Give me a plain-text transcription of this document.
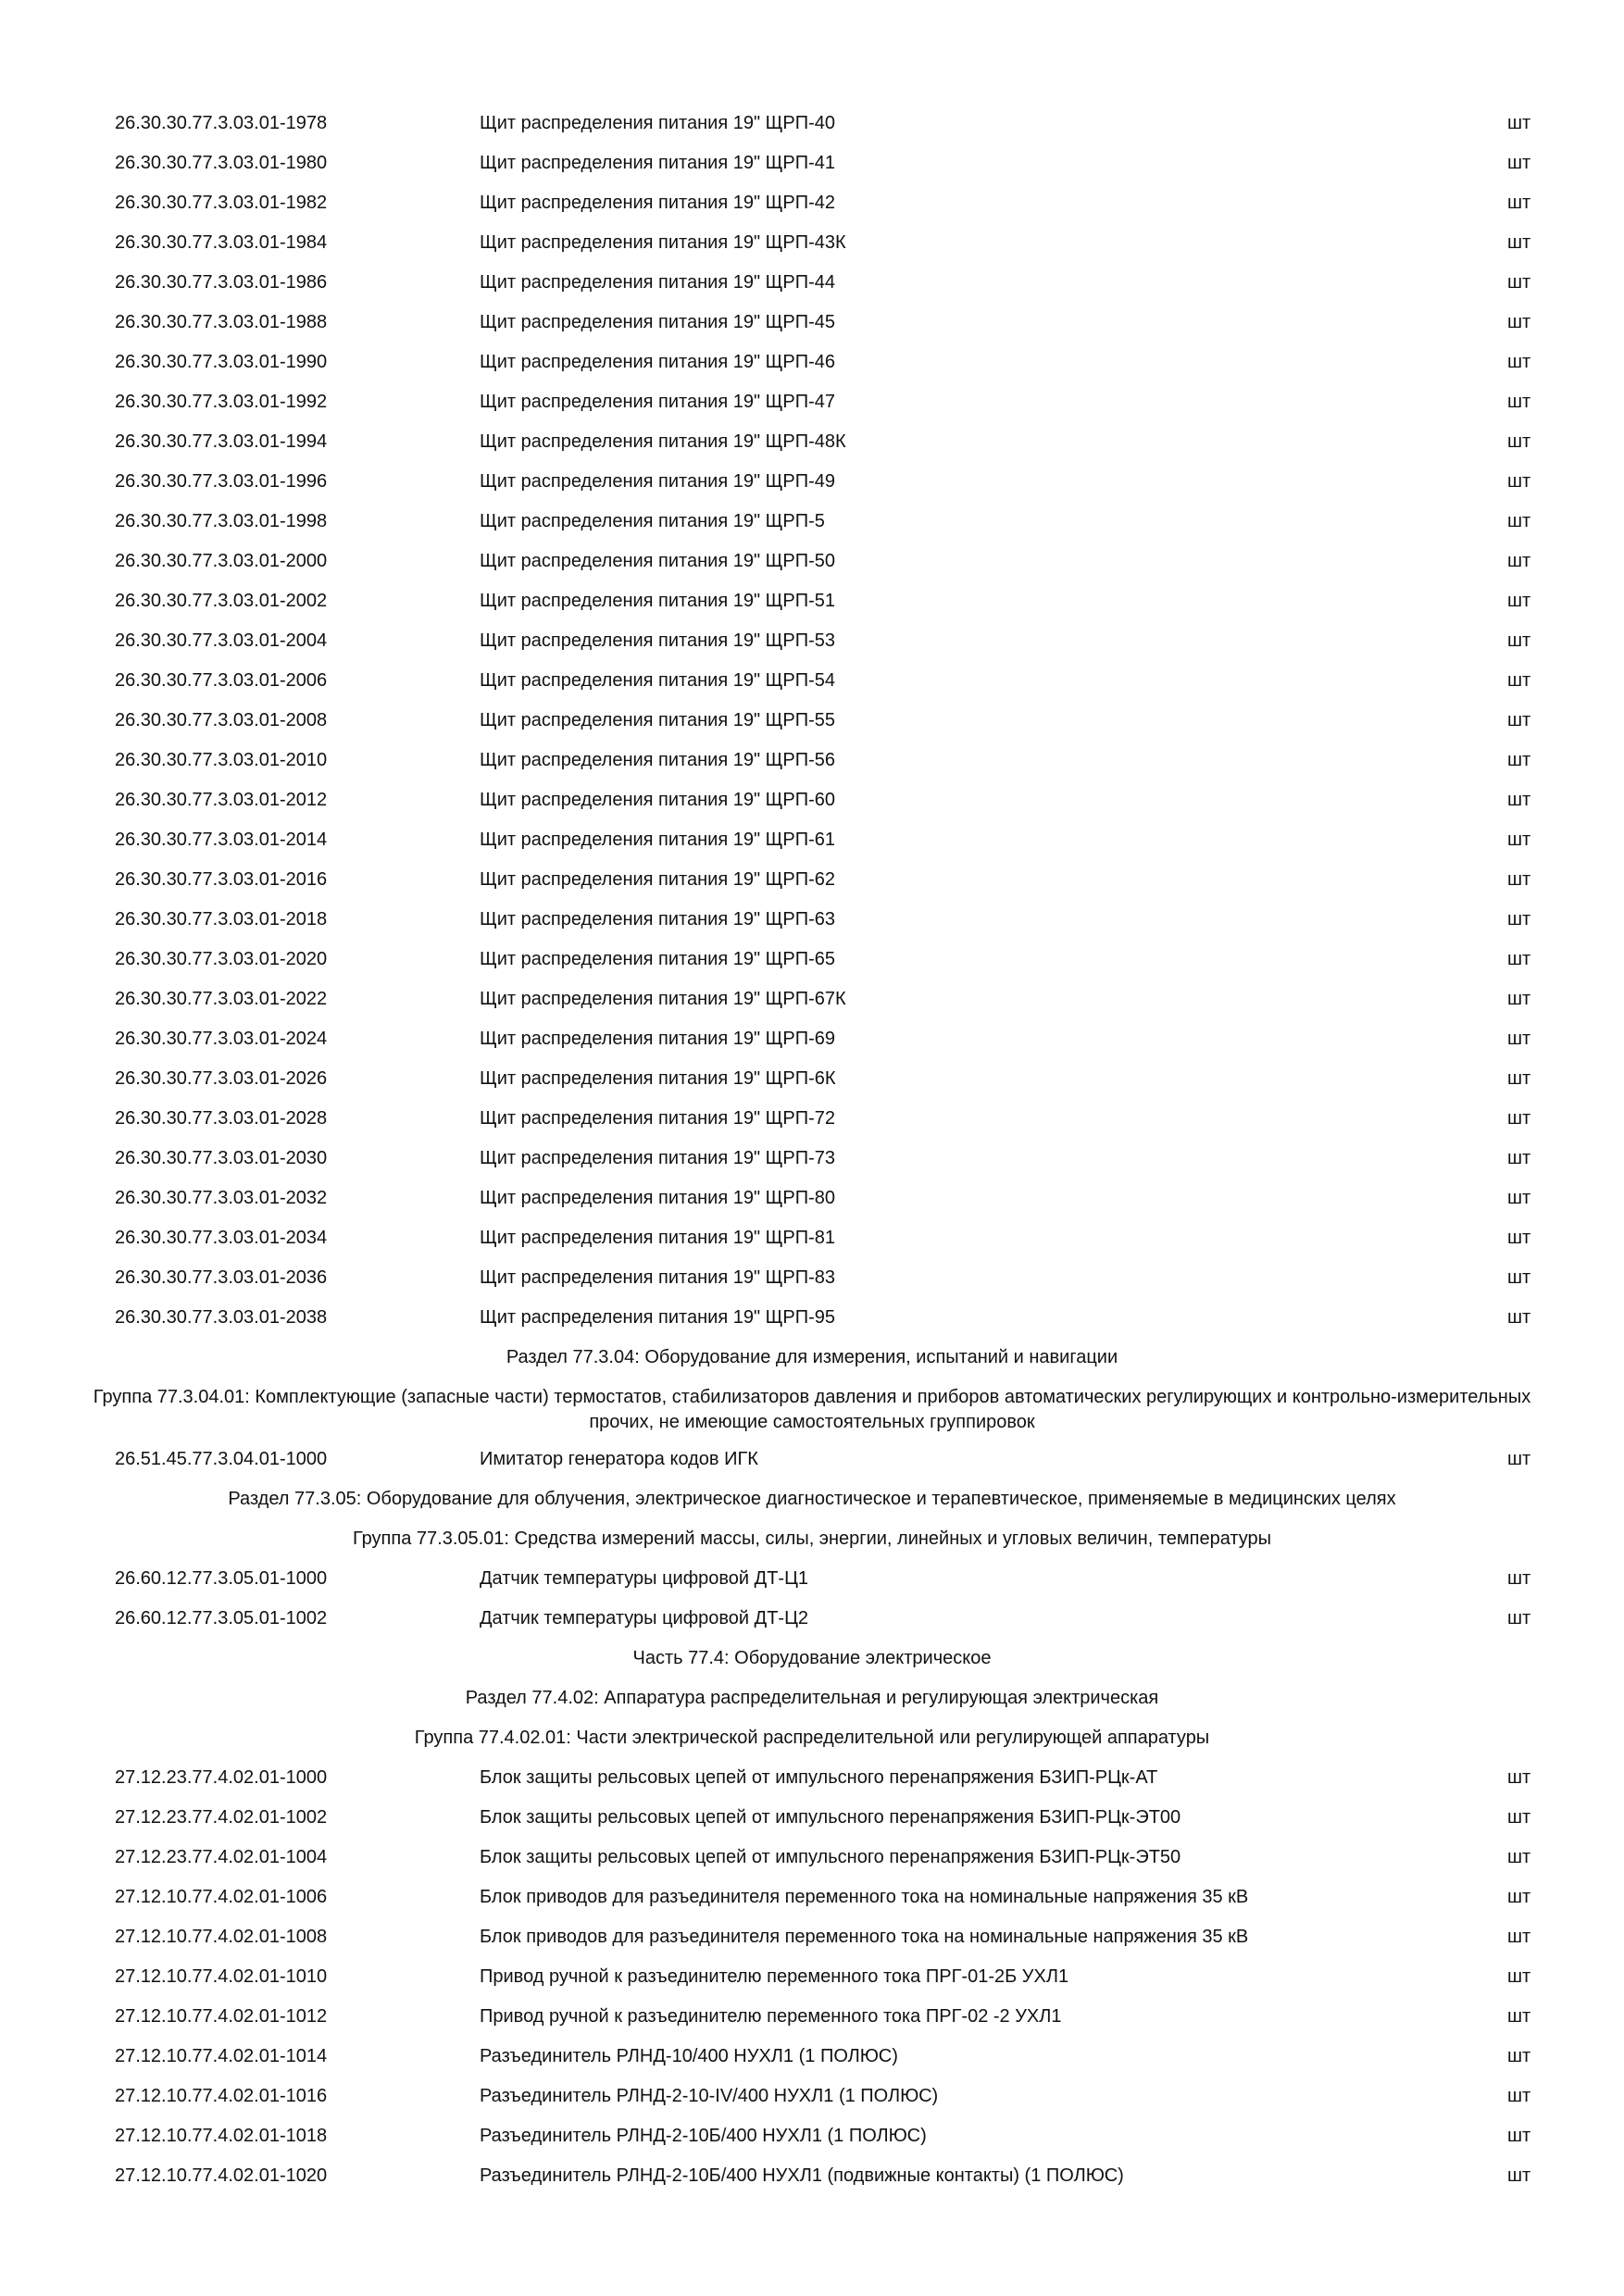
26.30.30.77.3.03.01-1978	Щит распределения питания 19" ЩРП-40	шт
26.30.30.77.3.03.01-1980	Щит распределения питания 19" ЩРП-41	шт
26.30.30.77.3.03.01-1982	Щит распределения питания 19" ЩРП-42	шт
26.30.30.77.3.03.01-1984	Щит распределения питания 19" ЩРП-43К	шт
26.30.30.77.3.03.01-1986	Щит распределения питания 19" ЩРП-44	шт
26.30.30.77.3.03.01-1988	Щит распределения питания 19" ЩРП-45	шт
26.30.30.77.3.03.01-1990	Щит распределения питания 19" ЩРП-46	шт
26.30.30.77.3.03.01-1992	Щит распределения питания 19" ЩРП-47	шт
26.30.30.77.3.03.01-1994	Щит распределения питания 19" ЩРП-48К	шт
26.30.30.77.3.03.01-1996	Щит распределения питания 19" ЩРП-49	шт
26.30.30.77.3.03.01-1998	Щит распределения питания 19" ЩРП-5	шт
26.30.30.77.3.03.01-2000	Щит распределения питания 19" ЩРП-50	шт
26.30.30.77.3.03.01-2002	Щит распределения питания 19" ЩРП-51	шт
26.30.30.77.3.03.01-2004	Щит распределения питания 19" ЩРП-53	шт
26.30.30.77.3.03.01-2006	Щит распределения питания 19" ЩРП-54	шт
26.30.30.77.3.03.01-2008	Щит распределения питания 19" ЩРП-55	шт
26.30.30.77.3.03.01-2010	Щит распределения питания 19" ЩРП-56	шт
26.30.30.77.3.03.01-2012	Щит распределения питания 19" ЩРП-60	шт
26.30.30.77.3.03.01-2014	Щит распределения питания 19" ЩРП-61	шт
26.30.30.77.3.03.01-2016	Щит распределения питания 19" ЩРП-62	шт
26.30.30.77.3.03.01-2018	Щит распределения питания 19" ЩРП-63	шт
26.30.30.77.3.03.01-2020	Щит распределения питания 19" ЩРП-65	шт
26.30.30.77.3.03.01-2022	Щит распределения питания 19" ЩРП-67К	шт
26.30.30.77.3.03.01-2024	Щит распределения питания 19" ЩРП-69	шт
26.30.30.77.3.03.01-2026	Щит распределения питания 19" ЩРП-6К	шт
26.30.30.77.3.03.01-2028	Щит распределения питания 19" ЩРП-72	шт
26.30.30.77.3.03.01-2030	Щит распределения питания 19" ЩРП-73	шт
26.30.30.77.3.03.01-2032	Щит распределения питания 19" ЩРП-80	шт
26.30.30.77.3.03.01-2034	Щит распределения питания 19" ЩРП-81	шт
26.30.30.77.3.03.01-2036	Щит распределения питания 19" ЩРП-83	шт
26.30.30.77.3.03.01-2038	Щит распределения питания 19" ЩРП-95	шт
Раздел 77.3.04: Оборудование для измерения, испытаний и навигации
Группа 77.3.04.01: Комплектующие (запасные части) термостатов, стабилизаторов давления и приборов автоматических регулирующих и контрольно-измерительных прочих, не имеющие самостоятельных группировок
26.51.45.77.3.04.01-1000	Имитатор генератора кодов ИГК	шт
Раздел 77.3.05: Оборудование для облучения, электрическое диагностическое и терапевтическое, применяемые в медицинских целях
Группа 77.3.05.01: Средства измерений массы, силы, энергии, линейных и угловых величин, температуры
26.60.12.77.3.05.01-1000	Датчик температуры цифровой ДТ-Ц1	шт
26.60.12.77.3.05.01-1002	Датчик температуры цифровой ДТ-Ц2	шт
Часть 77.4: Оборудование электрическое
Раздел 77.4.02: Аппаратура распределительная и регулирующая электрическая
Группа 77.4.02.01: Части электрической распределительной или регулирующей аппаратуры
27.12.23.77.4.02.01-1000	Блок защиты рельсовых цепей от импульсного перенапряжения БЗИП-РЦк-АТ	шт
27.12.23.77.4.02.01-1002	Блок защиты рельсовых цепей от импульсного перенапряжения БЗИП-РЦк-ЭТ00	шт
27.12.23.77.4.02.01-1004	Блок защиты рельсовых цепей от импульсного перенапряжения БЗИП-РЦк-ЭТ50	шт
27.12.10.77.4.02.01-1006	Блок приводов для разъединителя переменного тока на номинальные напряжения 35 кВ	шт
27.12.10.77.4.02.01-1008	Блок приводов для разъединителя переменного тока на номинальные напряжения 35 кВ	шт
27.12.10.77.4.02.01-1010	Привод ручной к разъединителю переменного тока ПРГ-01-2Б УХЛ1	шт
27.12.10.77.4.02.01-1012	Привод ручной к разъединителю переменного тока ПРГ-02 -2 УХЛ1	шт
27.12.10.77.4.02.01-1014	Разъединитель РЛНД-10/400 НУХЛ1 (1 ПОЛЮС)	шт
27.12.10.77.4.02.01-1016	Разъединитель РЛНД-2-10-IV/400 НУХЛ1 (1 ПОЛЮС)	шт
27.12.10.77.4.02.01-1018	Разъединитель РЛНД-2-10Б/400 НУХЛ1 (1 ПОЛЮС)	шт
27.12.10.77.4.02.01-1020	Разъединитель РЛНД-2-10Б/400 НУХЛ1 (подвижные контакты) (1 ПОЛЮС)	шт
